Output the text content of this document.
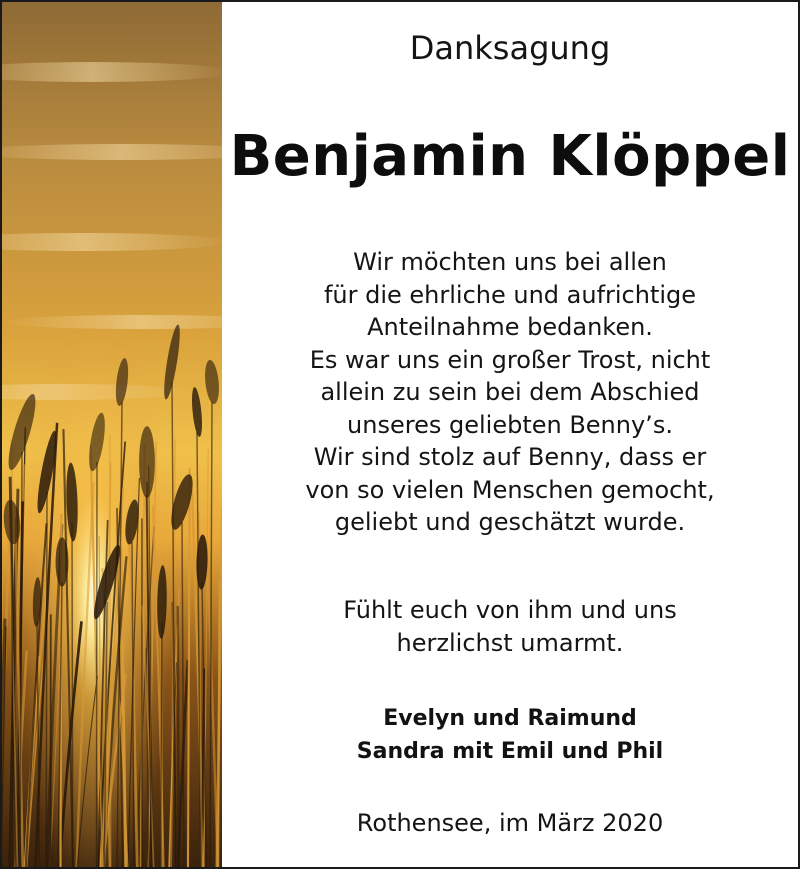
Danksagung
Benjamin Klöppel
Wir möchten uns bei allen
für die ehrliche und aufrichtige
Anteilnahme bedanken.
Es war uns ein großer Trost, nicht
allein zu sein bei dem Abschied
unseres geliebten Benny’s.
Wir sind stolz auf Benny, dass er
von so vielen Menschen gemocht,
geliebt und geschätzt wurde.
Fühlt euch von ihm und uns
herzlichst umarmt.
Evelyn und Raimund
Sandra mit Emil und Phil
Rothensee, im März 2020
